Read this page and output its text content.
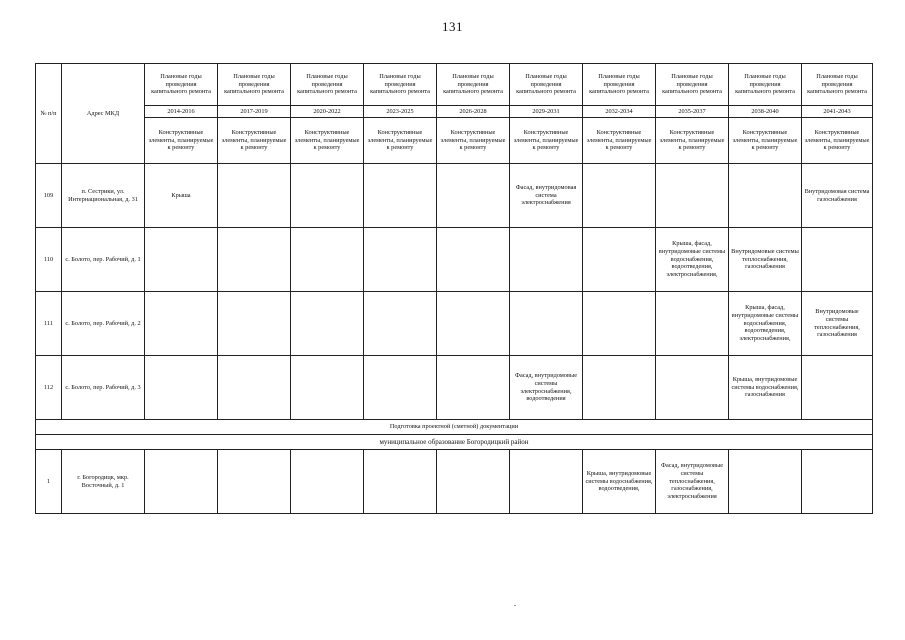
131
№ п/п	Адрес МКД	Плановые годы проведения капитального ремонта	Плановые годы проведения капитального ремонта	Плановые годы проведения капитального ремонта	Плановые годы проведения капитального ремонта	Плановые годы проведения капитального ремонта	Плановые годы проведения капитального ремонта	Плановые годы проведения капитального ремонта	Плановые годы проведения капитального ремонта	Плановые годы проведения капитального ремонта	Плановые годы проведения капитального ремонта
		2014-2016	2017-2019	2020-2022	2023-2025	2026-2028	2029-2031	2032-2034	2035-2037	2038-2040	2041-2043
		Конструктивные элементы, планируемые к ремонту	Конструктивные элементы, планируемые к ремонту	Конструктивные элементы, планируемые к ремонту	Конструктивные элементы, планируемые к ремонту	Конструктивные элементы, планируемые к ремонту	Конструктивные элементы, планируемые к ремонту	Конструктивные элементы, планируемые к ремонту	Конструктивные элементы, планируемые к ремонту	Конструктивные элементы, планируемые к ремонту	Конструктивные элементы, планируемые к ремонту
109	п. Сестрики, ул. Интернациональная, д. 31	Крыша					Фасад, внутридомовая система электроснабжения				Внутридомовая система газоснабжения
110	с. Болото, пер. Рабочий, д. 1								Крыша, фасад, внутридомовые системы водоснабжения, водоотведения, электроснабжения,	Внутридомовые системы теплоснабжения, газоснабжения	
111	с. Болото, пер. Рабочий, д. 2									Крыша, фасад, внутридомовые системы водоснабжения, водоотведения, электроснабжения,	Внутридомовые системы теплоснабжения, газоснабжения
112	с. Болото, пер. Рабочий, д. 3						Фасад, внутридомовые системы электроснабжения, водоотведения			Крыша, внутридомовые системы водоснабжения, газоснабжения	
Подготовка проектной (сметной) документации											
муниципальное образование Богородицкий район											
1	г. Богородицк, мкр. Восточный, д. 1							Крыша, внутридомовые системы водоснабжения, водоотведения,	Фасад, внутридомовые системы теплоснабжения, газоснабжения, электроснабжения		
